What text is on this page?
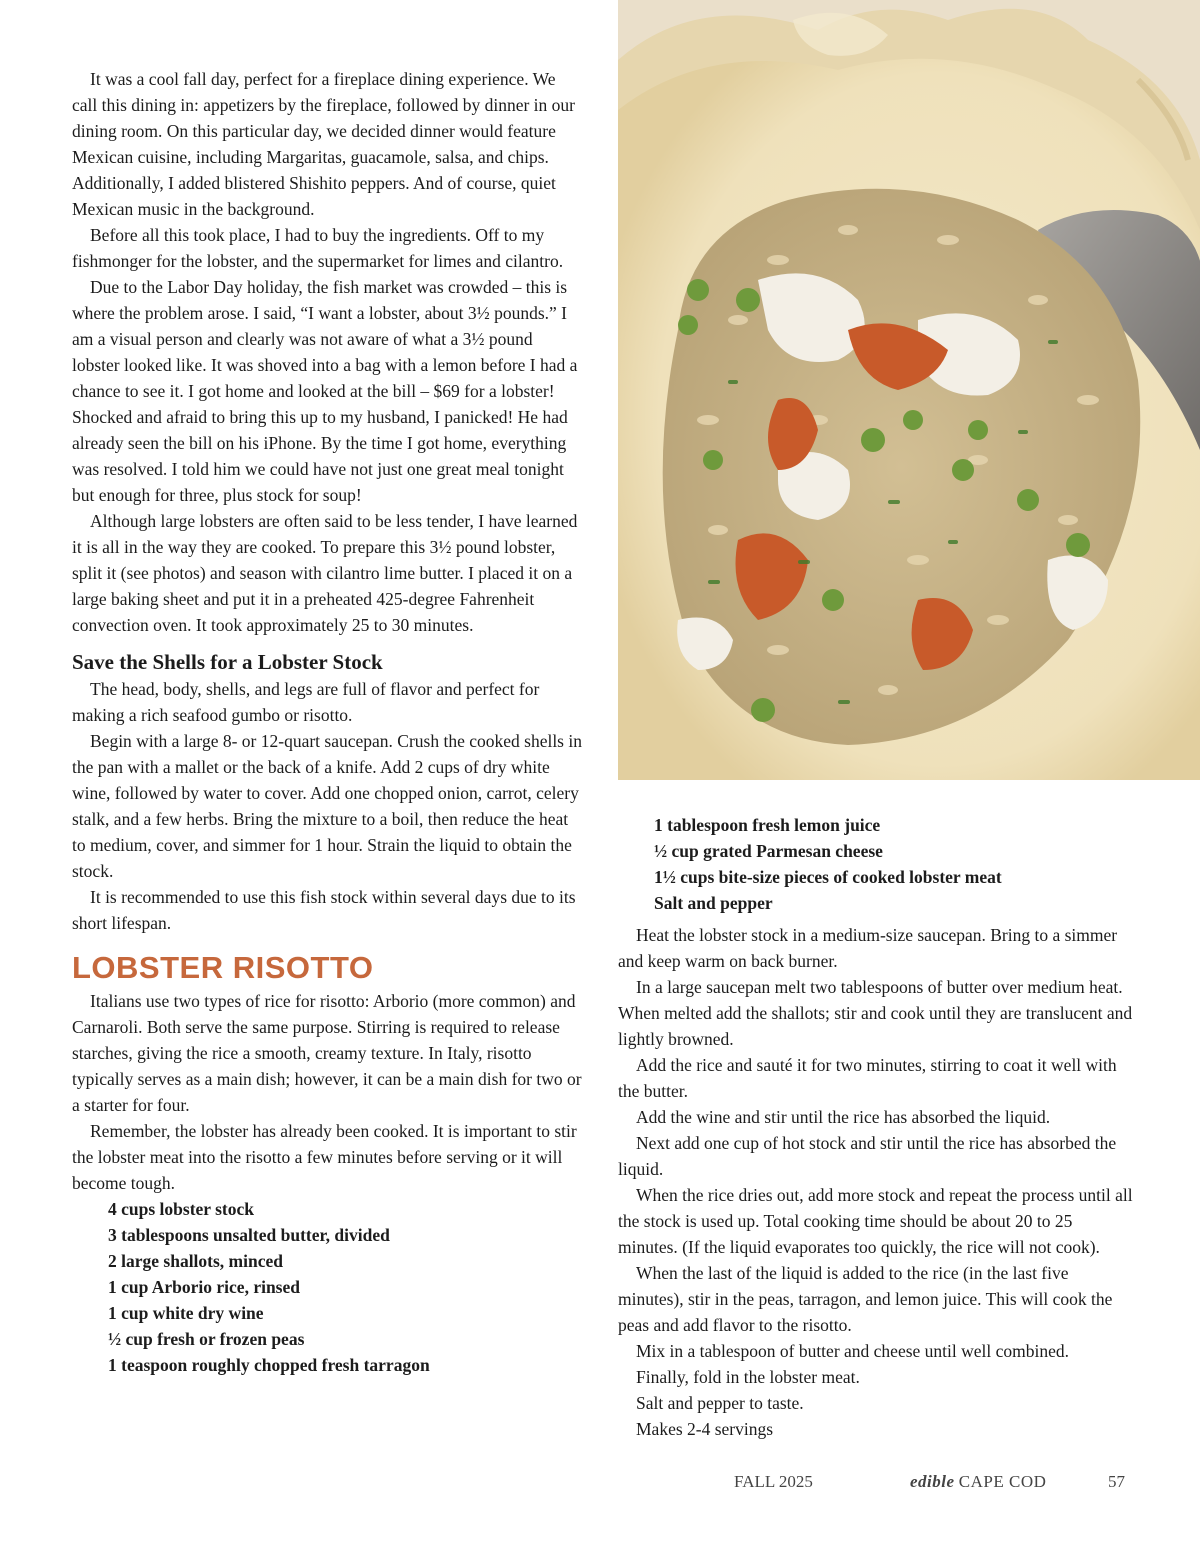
It was a cool fall day, perfect for a fireplace dining experience. We call this dining in: appetizers by the fireplace, followed by dinner in our dining room. On this particular day, we decided dinner would feature Mexican cuisine, including Margaritas, guacamole, salsa, and chips. Additionally, I added blistered Shishito peppers. And of course, quiet Mexican music in the background.

Before all this took place, I had to buy the ingredients. Off to my fishmonger for the lobster, and the supermarket for limes and cilantro.

Due to the Labor Day holiday, the fish market was crowded – this is where the problem arose. I said, “I want a lobster, about 3½ pounds.” I am a visual person and clearly was not aware of what a 3½ pound lobster looked like. It was shoved into a bag with a lemon before I had a chance to see it. I got home and looked at the bill – $69 for a lobster! Shocked and afraid to bring this up to my husband, I panicked! He had already seen the bill on his iPhone. By the time I got home, everything was resolved. I told him we could have not just one great meal tonight but enough for three, plus stock for soup!

Although large lobsters are often said to be less tender, I have learned it is all in the way they are cooked. To prepare this 3½ pound lobster, split it (see photos) and season with cilantro lime butter. I placed it on a large baking sheet and put it in a preheated 425-degree Fahrenheit convection oven. It took approximately 25 to 30 minutes.

Save the Shells for a Lobster Stock

The head, body, shells, and legs are full of flavor and perfect for making a rich seafood gumbo or risotto.

Begin with a large 8- or 12-quart saucepan. Crush the cooked shells in the pan with a mallet or the back of a knife. Add 2 cups of dry white wine, followed by water to cover. Add one chopped onion, carrot, celery stalk, and a few herbs. Bring the mixture to a boil, then reduce the heat to medium, cover, and simmer for 1 hour. Strain the liquid to obtain the stock.

It is recommended to use this fish stock within several days due to its short lifespan.

LOBSTER RISOTTO

Italians use two types of rice for risotto: Arborio (more common) and Carnaroli. Both serve the same purpose. Stirring is required to release starches, giving the rice a smooth, creamy texture. In Italy, risotto typically serves as a main dish; however, it can be a main dish for two or a starter for four.

Remember, the lobster has already been cooked. It is important to stir the lobster meat into the risotto a few minutes before serving or it will become tough.

4 cups lobster stock

3 tablespoons unsalted butter, divided

2 large shallots, minced

1 cup Arborio rice, rinsed

1 cup white dry wine

½ cup fresh or frozen peas

1 teaspoon roughly chopped fresh tarragon

1 tablespoon fresh lemon juice

½ cup grated Parmesan cheese

1½ cups bite-size pieces of cooked lobster meat

Salt and pepper

Heat the lobster stock in a medium-size saucepan. Bring to a simmer and keep warm on back burner.

In a large saucepan melt two tablespoons of butter over medium heat. When melted add the shallots; stir and cook until they are translucent and lightly browned.

Add the rice and sauté it for two minutes, stirring to coat it well with the butter.

Add the wine and stir until the rice has absorbed the liquid.

Next add one cup of hot stock and stir until the rice has absorbed the liquid.

When the rice dries out, add more stock and repeat the process until all the stock is used up. Total cooking time should be about 20 to 25 minutes. (If the liquid evaporates too quickly, the rice will not cook).

When the last of the liquid is added to the rice (in the last five minutes), stir in the peas, tarragon, and lemon juice. This will cook the peas and add flavor to the risotto.

Mix in a tablespoon of butter and cheese until well combined.

Finally, fold in the lobster meat.

Salt and pepper to taste.

Makes 2-4 servings

FALL 2025	edible CAPE COD	57
